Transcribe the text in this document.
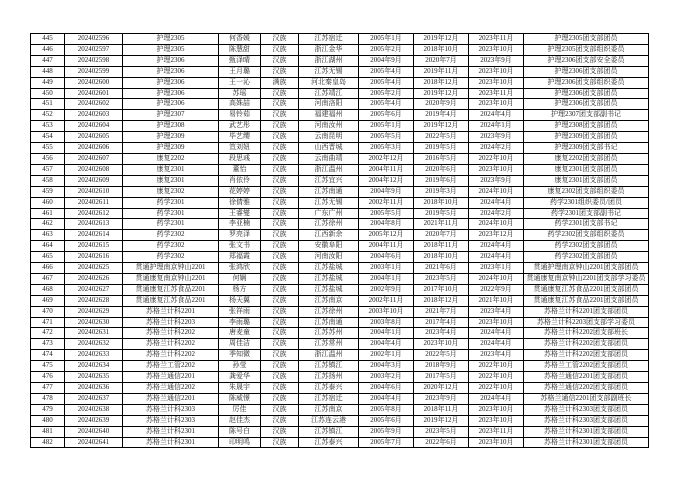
445	202402596	护理2305	何香媛	汉族	江苏宿迁	2005年1月	2019年12月	2023年11月	护理2305团支部团员
446	202402597	护理2305	陈慧甜	汉族	浙江金华	2005年2月	2018年10月	2023年10月	护理2305团支部组织委员
447	202402598	护理2306	甄泽晴	汉族	浙江湖州	2004年9月	2020年7月	2023年9月	护理2306团支部安全委员
448	202402599	护理2306	王月璐	汉族	江苏无锡	2005年4月	2019年11月	2023年10月	护理2306团支部团员
449	202402600	护理2306	王一沁	满族	河北秦皇岛	2005年4月	2018年12月	2023年10月	护理2306团支部组织委员
450	202402601	护理2306	苏瑶	汉族	江苏靖江	2005年2月	2019年12月	2023年11月	护理2306团支部团员
451	202402602	护理2306	高姝喆	汉族	河南洛阳	2005年4月	2020年9月	2023年10月	护理2306团支部团员
452	202402603	护理2307	易铃茹	汉族	福建福州	2005年6月	2019年4月	2024年4月	护理2307团支部副书记
453	202402604	护理2308	武艺彤	汉族	河南汝州	2005年1月	2019年12月	2024年1月	护理2308团支部团员
454	202402605	护理2309	毕艺缨	汉族	云南昆明	2005年5月	2022年5月	2023年9月	护理2309团支部团员
455	202402606	护理2309	笪刘妞	汉族	山西晋城	2005年3月	2019年5月	2024年2月	护理2309团支部书记
456	202402607	康复2202	段思彧	汉族	云南曲靖	2002年12月	2016年5月	2022年10月	康复2202团支部团员
457	202402608	康复2301	董怡	汉族	浙江温州	2004年11月	2020年6月	2023年10月	康复2301团支部团员
458	202402609	康复2301	肖依伶	汉族	江苏宜兴	2004年12月	2019年6月	2023年9月	康复2301团支部团员
459	202402610	康复2302	花婷婷	汉族	江苏南通	2004年9月	2019年3月	2024年10月	康复2302团支部组织委员
460	202402611	药学2301	徐倩雅	汉族	江苏无锡	2002年11月	2018年10月	2024年4月	药学2301组织委员/团员
461	202402612	药学2301	王睿燮	汉族	广东广州	2005年5月	2019年5月	2024年2月	药学2301团支部副书记
462	202402613	药学2301	李亚楠	汉族	江苏徐州	2004年8月	2021年11月	2024年10月	药学2301团支部书记
463	202402614	药学2302	罗亮泽	汉族	江西新余	2005年12月	2020年7月	2023年12月	药学2302团支部组织委员
464	202402615	药学2302	张文书	汉族	安徽阜阳	2004年11月	2018年11月	2024年4月	药学2302团支部团员
465	202402616	药学2302	郑福霞	汉族	河南汝阳	2004年6月	2018年10月	2024年4月	药学2302团支部团员
466	202402625	贯通护理南京钟山2201	张鸿欣	汉族	江苏盐城	2003年1月	2021年6月	2023年1月	贯通护理南京钟山2201团支部团员
467	202402626	贯通康复南京钟山2201	何娴	汉族	江苏盐城	2004年1月	2023年5月	2024年10月	贯通康复南京钟山2201团支部学习委员
468	202402627	贯通康复江苏食品2201	杨方	汉族	江苏盐城	2002年9月	2017年10月	2022年9月	贯通康复江苏食品2201团支部团员
469	202402628	贯通康复江苏食品2201	杨天翼	汉族	江苏南京	2002年11月	2018年12月	2021年10月	贯通康复江苏食品2201团支部团员
470	202402629	苏格兰计科2201	张祥雨	汉族	江苏徐州	2003年10月	2021年7月	2023年4月	苏格兰计科2201团支部团员
471	202402630	苏格兰计科2203	李雨璐	汉族	江苏南通	2003年8月	2017年4月	2023年10月	苏格兰计科2203团支部学习委员
472	202402631	苏格兰计科2202	唐麦童	汉族	江苏苏州	2004年1月	2023年4月	2024年4月	苏格兰计科2202团支部班长
473	202402632	苏格兰计科2202	周佳洁	汉族	江苏常州	2004年4月	2023年10月	2024年4月	苏格兰计科2202团支部团员
474	202402633	苏格兰计科2202	季知微	汉族	浙江温州	2002年1月	2022年5月	2023年4月	苏格兰计科2202团支部团员
475	202402634	苏格兰工管2202	孙莹	汉族	江苏镇江	2004年3月	2018年9月	2022年10月	苏格兰工管2202团支部团员
476	202402635	苏格兰通信2201	龚爱华	汉族	江苏扬州	2003年2月	2017年5月	2022年10月	苏格兰通信2201团支部团员
477	202402636	苏格兰通信2202	朱晟宇	汉族	江苏泰兴	2004年6月	2020年12月	2022年10月	苏格兰通信2202团支部团员
478	202402637	苏格兰通信2201	陈威憬	汉族	江苏宿迁	2004年4月	2023年9月	2024年4月	苏格兰通信2201团支部副班长
479	202402638	苏格兰计科2303	厉佳	汉族	江苏南京	2005年8月	2018年11月	2023年10月	苏格兰计科2303团支部团员
480	202402639	苏格兰计科2303	赵佳杰	汉族	江苏连云港	2005年6月	2019年12月	2023年10月	苏格兰计科2303团支部团员
481	202402640	苏格兰计科2301	陈号白	汉族	江苏镇江	2005年9月	2023年5月	2023年11月	苏格兰计科2301团支部团员
482	202402641	苏格兰计科2301	印明鸣	汉族	江苏泰兴	2005年7月	2022年6月	2023年10月	苏格兰计科2301团支部团员
